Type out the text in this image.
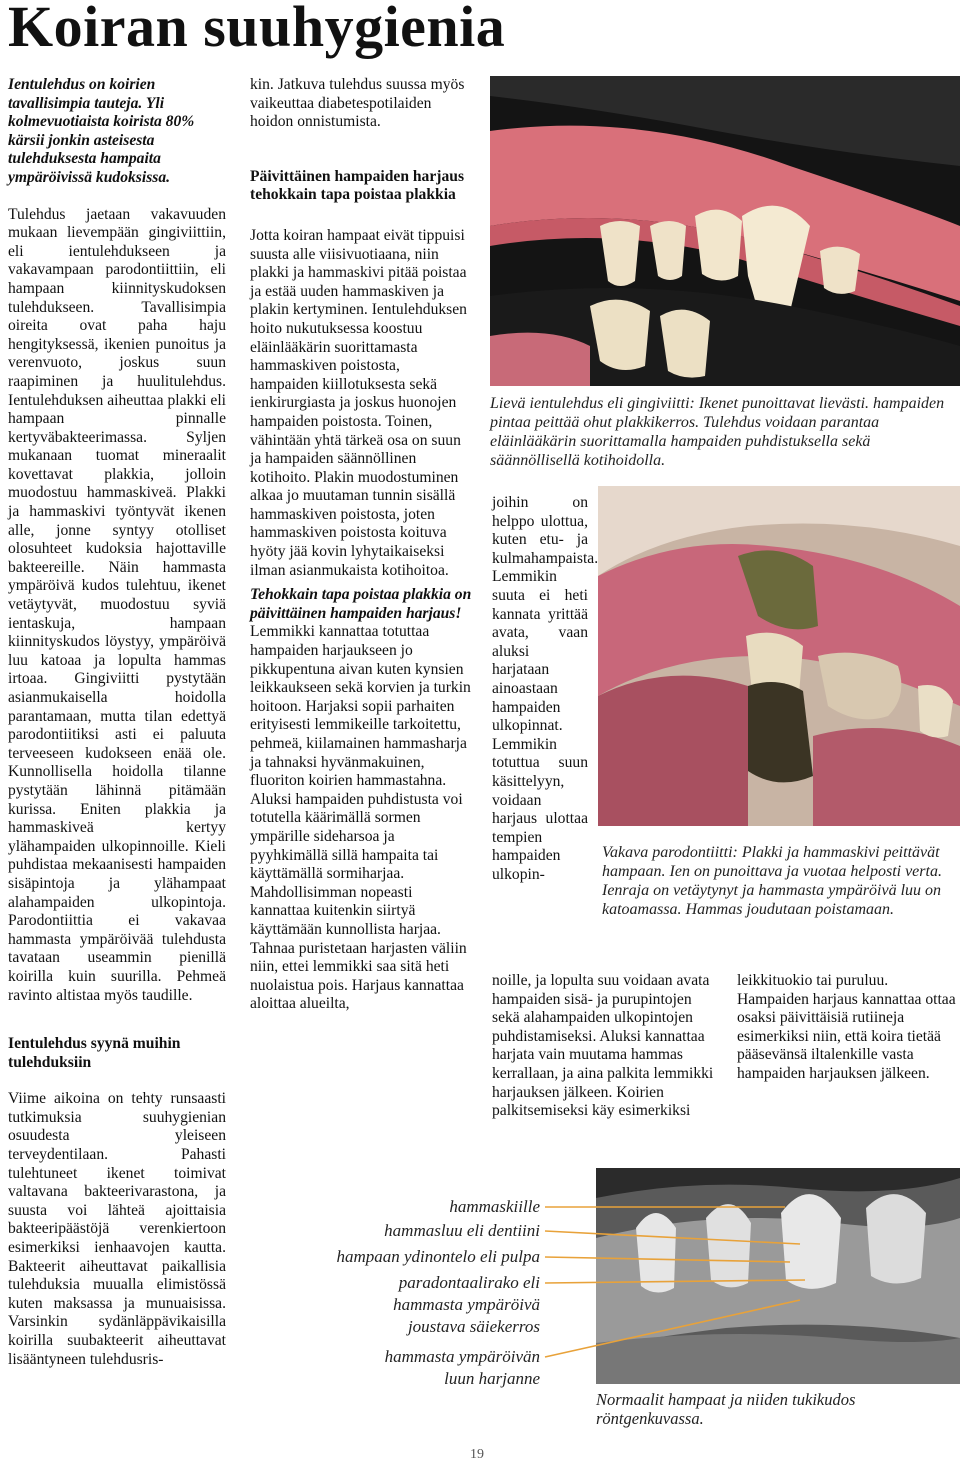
Koiran suuhygienia

Ientulehdus on koirien tavallisimpia tauteja. Yli kolmevuotiaista koirista 80% kärsii jonkin asteisesta tulehduksesta hampaita ympäröivissä kudoksissa.

Tulehdus jaetaan vakavuuden mukaan lievempään gingiviittiin, eli ientulehdukseen ja vakavampaan parodontiittiin, eli hampaan kiinnityskudoksen tulehdukseen. Tavallisimpia oireita ovat paha haju hengityksessä, ikenien punoitus ja verenvuoto, joskus suun raapiminen ja huulitulehdus. Ientulehduksen aiheuttaa plakki eli hampaan pinnalle kertyväbakteerimassa. Syljen mukanaan tuomat mineraalit kovettavat plakkia, jolloin muodostuu hammaskiveä. Plakki ja hammaskivi työntyvät ikenen alle, jonne syntyy otolliset olosuhteet kudoksia hajottaville bakteereille. Näin hammasta ympäröivä kudos tulehtuu, ikenet vetäytyvät, muodostuu syviä ientaskuja, hampaan kiinnityskudos löystyy, ympäröivä luu katoaa ja lopulta hammas irtoaa. Gingiviitti pystytään asianmukaisella hoidolla parantamaan, mutta tilan edettyä parodontiitiksi asti ei paluuta terveeseen kudokseen enää ole. Kunnollisella hoidolla tilanne pystytään lähinnä pitämään kurissa. Eniten plakkia ja hammaskiveä kertyy ylähampaiden ulkopinnoille. Kieli puhdistaa mekaanisesti hampaiden sisäpintoja ja ylähampaat alahampaiden ulkopintoja. Parodontiittia ei vakavaa hammasta ympäröivää tulehdusta tavataan useammin pienillä koirilla kuin suurilla. Pehmeä ravinto altistaa myös taudille.

Ientulehdus syynä muihin tulehduksiin

Viime aikoina on tehty runsaasti tutkimuksia suuhygienian osuudesta yleiseen terveydentilaan. Pahasti tulehtuneet ikenet toimivat valtavana bakteerivarastona, ja suusta voi lähteä ajoittaisia bakteeripäästöjä verenkiertoon esimerkiksi ienhaavojen kautta. Bakteerit aiheuttavat paikallisia tulehduksia muualla elimistössä kuten maksassa ja munuaisissa. Varsinkin sydänläppävikaisilla koirilla suubakteerit aiheuttavat lisääntyneen tulehdusris-

kin. Jatkuva tulehdus suussa myös vaikeuttaa diabetespotilaiden hoidon onnistumista.

Päivittäinen hampaiden harjaus tehokkain tapa poistaa plakkia

Jotta koiran hampaat eivät tippuisi suusta alle viisivuotiaana, niin plakki ja hammaskivi pitää poistaa ja estää uuden hammaskiven ja plakin kertyminen. Ientulehduksen hoito nukutuksessa koostuu eläinlääkärin suorittamasta hammaskiven poistosta, hampaiden kiillotuksesta sekä ienkirurgiasta ja joskus huonojen hampaiden poistosta. Toinen, vähintään yhtä tärkeä osa on suun ja hampaiden säännöllinen kotihoito. Plakin muodostuminen alkaa jo muutaman tunnin sisällä hammaskiven poistosta, joten hammaskiven poistosta koituva hyöty jää kovin lyhytaikaiseksi ilman asianmukaista kotihoitoa.

Tehokkain tapa poistaa plakkia on päivittäinen hampaiden harjaus! Lemmikki kannattaa totuttaa hampaiden harjaukseen jo pikkupentuna aivan kuten kynsien leikkaukseen sekä korvien ja turkin hoitoon. Harjaksi sopii parhaiten erityisesti lemmikeille tarkoitettu, pehmeä, kiilamainen hammasharja ja tahnaksi hyvänmakuinen, fluoriton koirien hammastahna.

Aluksi hampaiden puhdistusta voi totutella käärimällä sormen ympärille sideharsoa ja pyyhkimällä sillä hampaita tai käyttämällä sormiharjaa. Mahdollisimman nopeasti kannattaa kuitenkin siirtyä käyttämään kunnollista harjaa. Tahnaa puristetaan harjasten väliin niin, ettei lemmikki saa sitä heti nuolaistua pois. Harjaus kannattaa aloittaa alueilta,

Lievä ientulehdus eli gingiviitti: Ikenet punoittavat lievästi. hampaiden pintaa peittää ohut plakkikerros. Tulehdus voidaan parantaa eläinlääkärin suorittamalla hampaiden puhdistuksella sekä säännöllisellä kotihoidolla.

joihin on helppo ulottua, kuten etu- ja kulmahampaista. Lemmikin suuta ei heti kannata yrittää avata, vaan aluksi harjataan ainoastaan hampaiden ulkopinnat. Lemmikin totuttua suun käsittelyyn, voidaan harjaus ulottaa tempien hampaiden ulkopin-

Vakava parodontiitti: Plakki ja hammaskivi peittävät hampaan. Ien on punoittava ja vuotaa helposti verta. Ienraja on vetäytynyt ja hammasta ympäröivä luu on katoamassa. Hammas joudutaan poistamaan.

noille, ja lopulta suu voidaan avata hampaiden sisä- ja purupintojen sekä alahampaiden ulkopintojen puhdistamiseksi. Aluksi kannattaa harjata vain muutama hammas kerrallaan, ja aina palkita lemmikki harjauksen jälkeen. Koirien palkitsemiseksi käy esimerkiksi

leikkituokio tai puruluu. Hampaiden harjaus kannattaa ottaa osaksi päivittäisiä rutiineja esimerkiksi niin, että koira tietää pääsevänsä iltalenkille vasta hampaiden harjauksen jälkeen.

hammaskiille
hammasluu eli dentiini
hampaan ydinontelo eli pulpa
paradontaalirako eli
hammasta ympäröivä
joustava säiekerros
hammasta ympäröivän
luun harjanne
Normaalit hampaat ja niiden tukikudos röntgenkuvassa.
19
